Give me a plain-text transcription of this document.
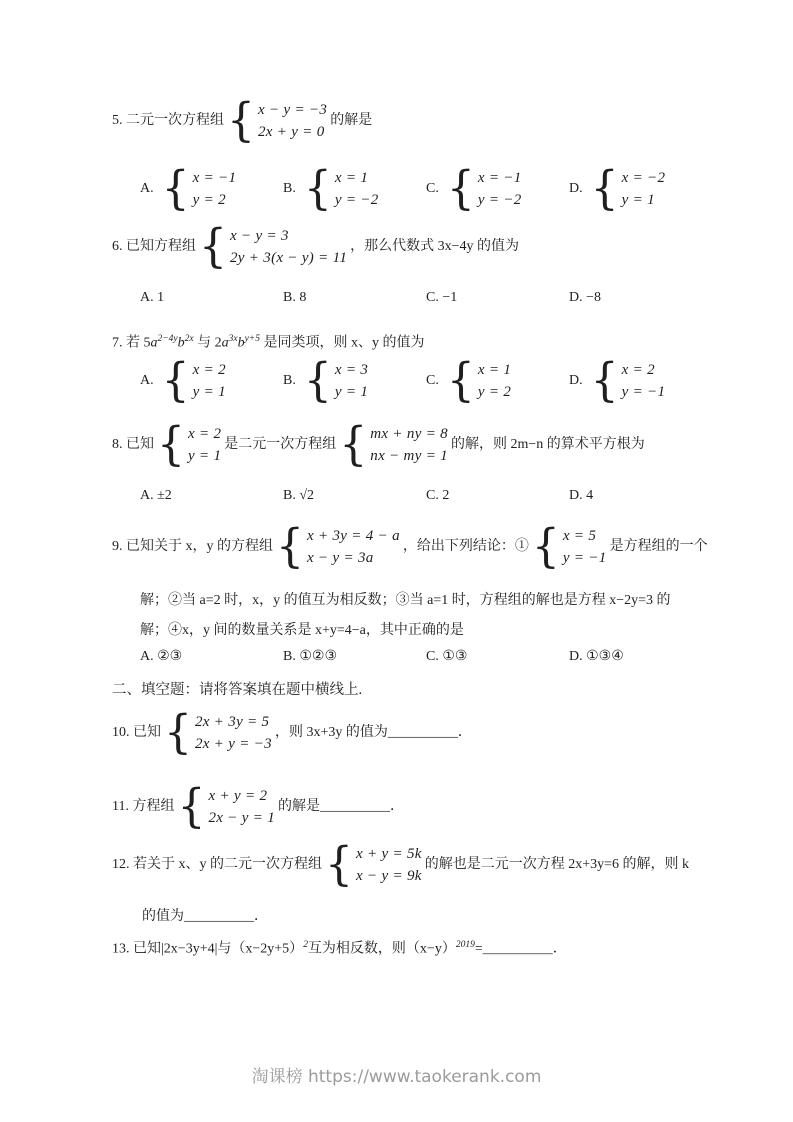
5. 二元一次方程组 { x − y = −3
2x + y = 0
的解是
A. { x = −1
y = 2
B. { x = 1
y = −2
C. { x = −1
y = −2
D. { x = −2
y = 1
6. 已知方程组 { x − y = 3
2y + 3(x − y) = 11
，那么代数式 3x−4y 的值为
A. 1	B. 8	C. −1	D. −8
7. 若 $5a^{2-4y}b^{2x}$ 与 $2a^{3x}b^{y+5}$ 是同类项，则 x、y 的值为
A. { x = 2
y = 1
B. { x = 3
y = 1
C. { x = 1
y = 2
D. { x = 2
y = −1
8. 已知 { x = 2
y = 1
是二元一次方程组 { mx + ny = 8
nx − my = 1
的解，则 2m−n 的算术平方根为
A. ±2	B. √2	C. 2	D. 4
9. 已知关于 x，y 的方程组 { x + 3y = 4 − a
x − y = 3a
，给出下列结论：① { x = 5
y = −1
是方程组的一个
解；②当 a=2 时，x，y 的值互为相反数；③当 a=1 时，方程组的解也是方程 x−2y=3 的
解；④x，y 间的数量关系是 x+y=4−a，其中正确的是
A. ②③	B. ①②③	C. ①③	D. ①③④
二、填空题：请将答案填在题中横线上.
10. 已知 { 2x + 3y = 5
2x + y = −3
，则 3x+3y 的值为__________．
11. 方程组 { x + y = 2
2x − y = 1
的解是__________．
12. 若关于 x、y 的二元一次方程组 { x + y = 5k
x − y = 9k
的解也是二元一次方程 2x+3y=6 的解，则 k
的值为__________．
13. 已知|2x−3y+4|与$(x-2y+5)^2$互为相反数，则$(x-y)^{2019}=\_\_\_\_\_\_\_\_\_\_$．
淘课榜 https://www.taokerank.com
